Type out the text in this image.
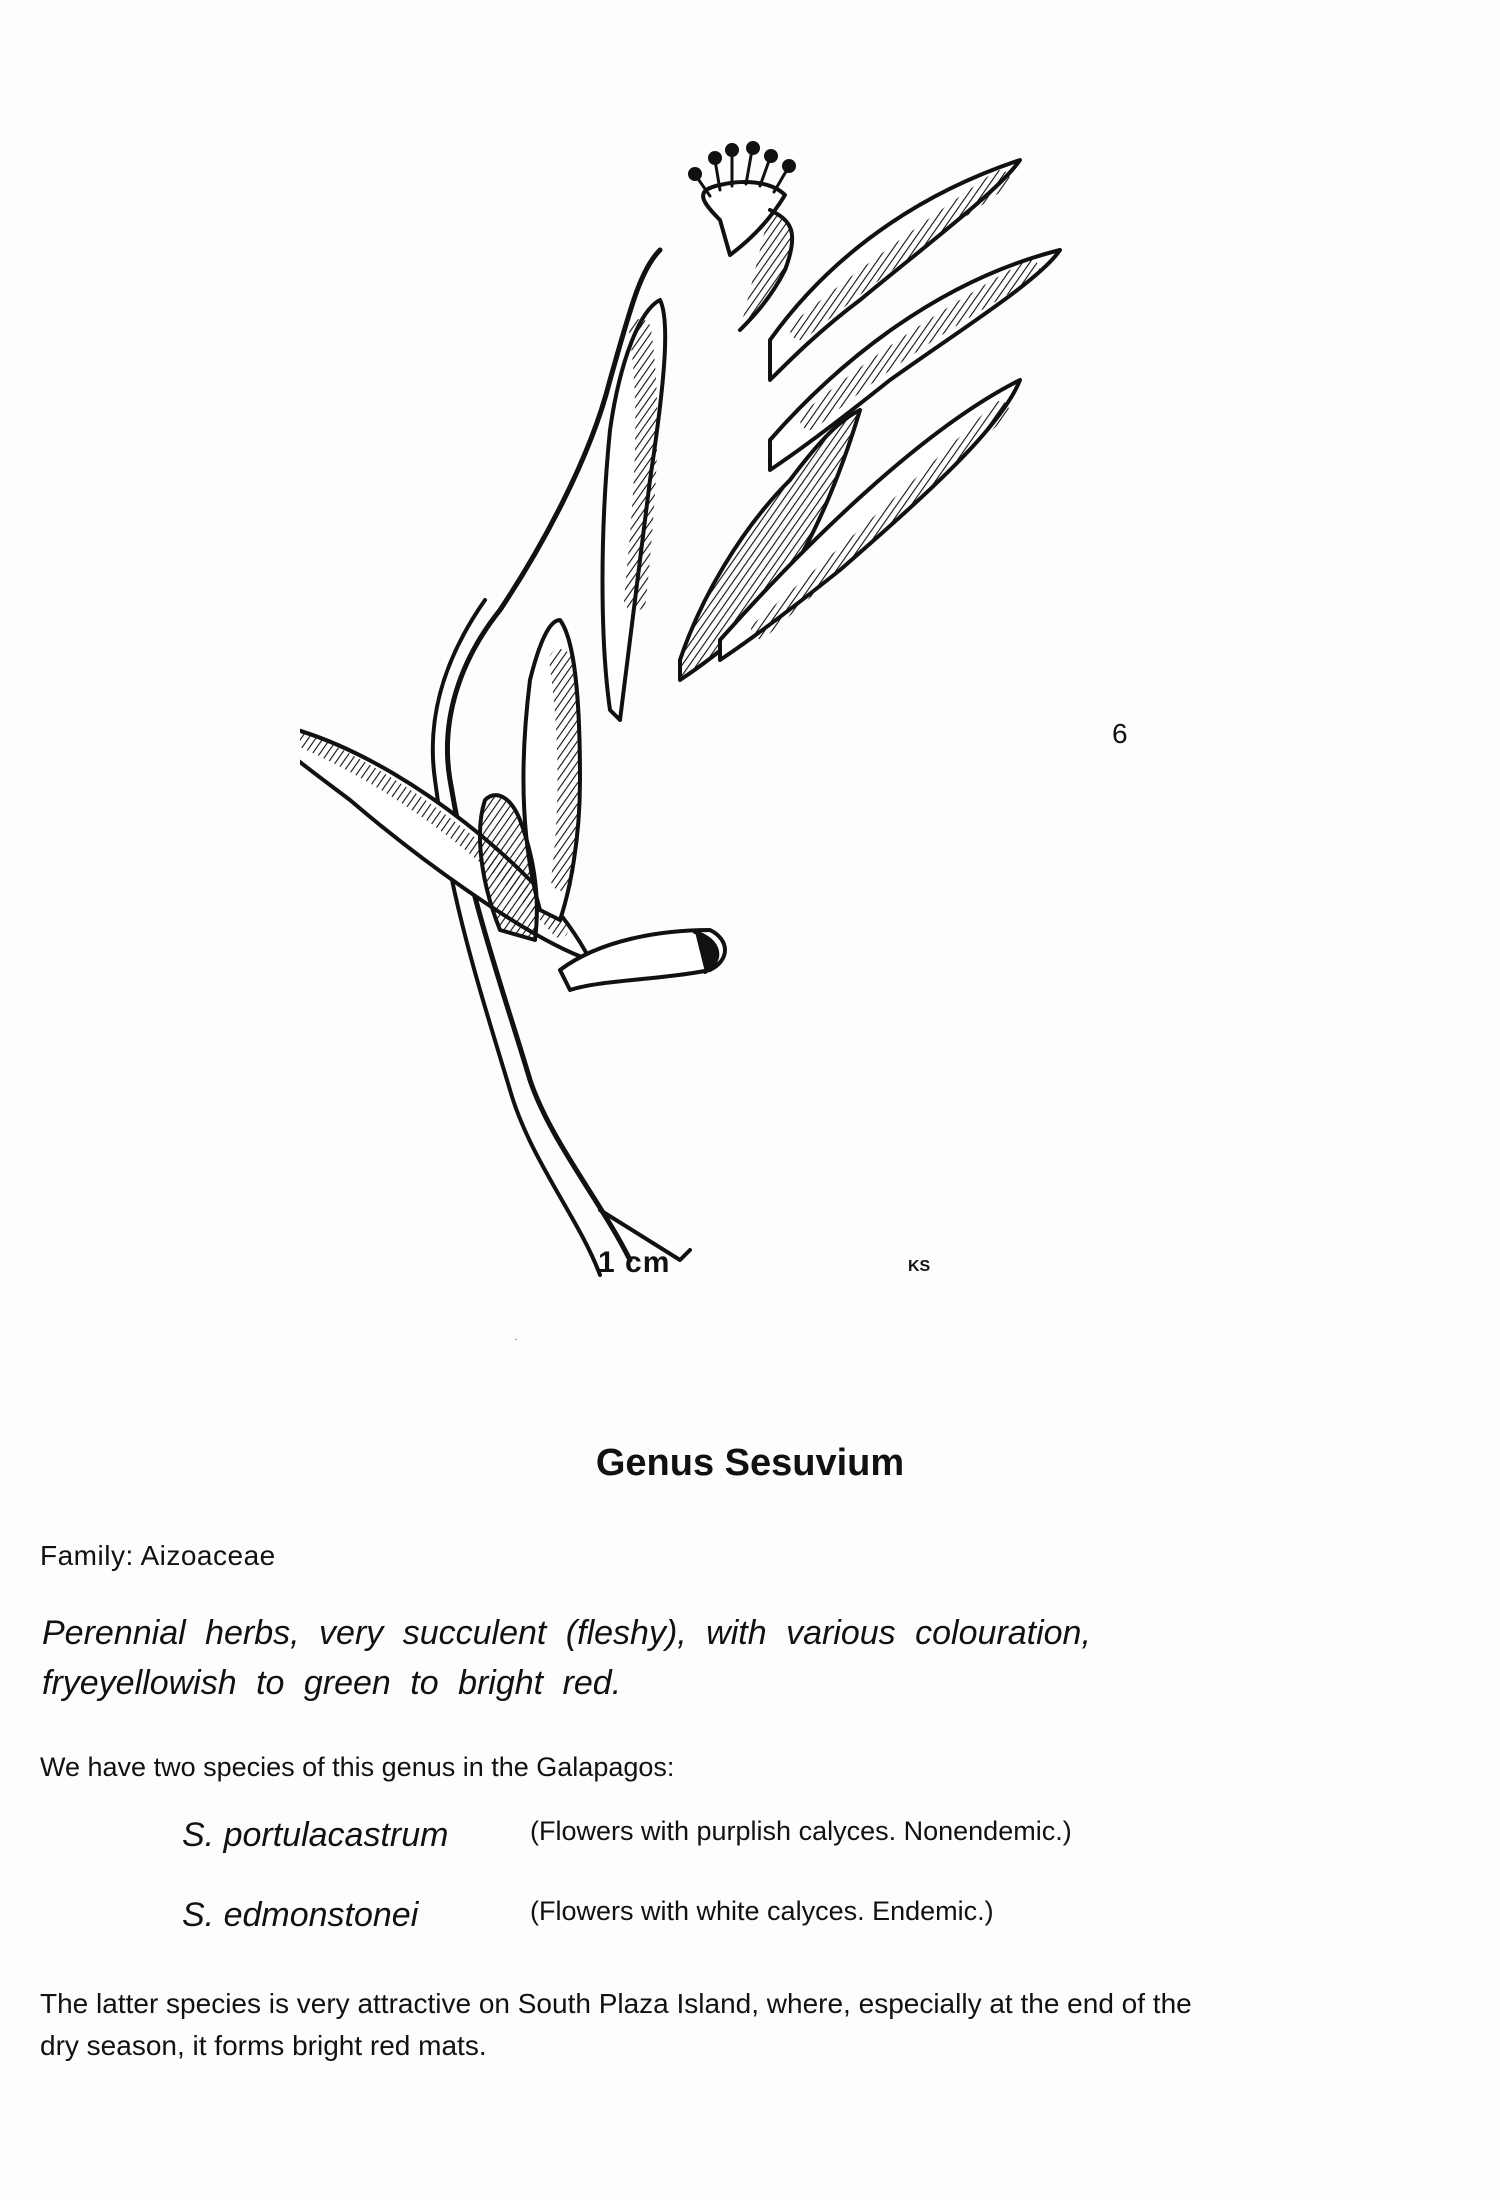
6
1 cm	KS
Genus Sesuvium
Family: Aizoaceae
Perennial herbs, very succulent (fleshy), with various colouration,
fryeyellowish to green to bright red.
We have two species of this genus in the Galapagos:
S. portulacastrum	(Flowers with purplish calyces. Nonendemic.)
S. edmonstonei	(Flowers with white calyces. Endemic.)
The latter species is very attractive on South Plaza Island, where, especially at the end of the
dry season, it forms bright red mats.
